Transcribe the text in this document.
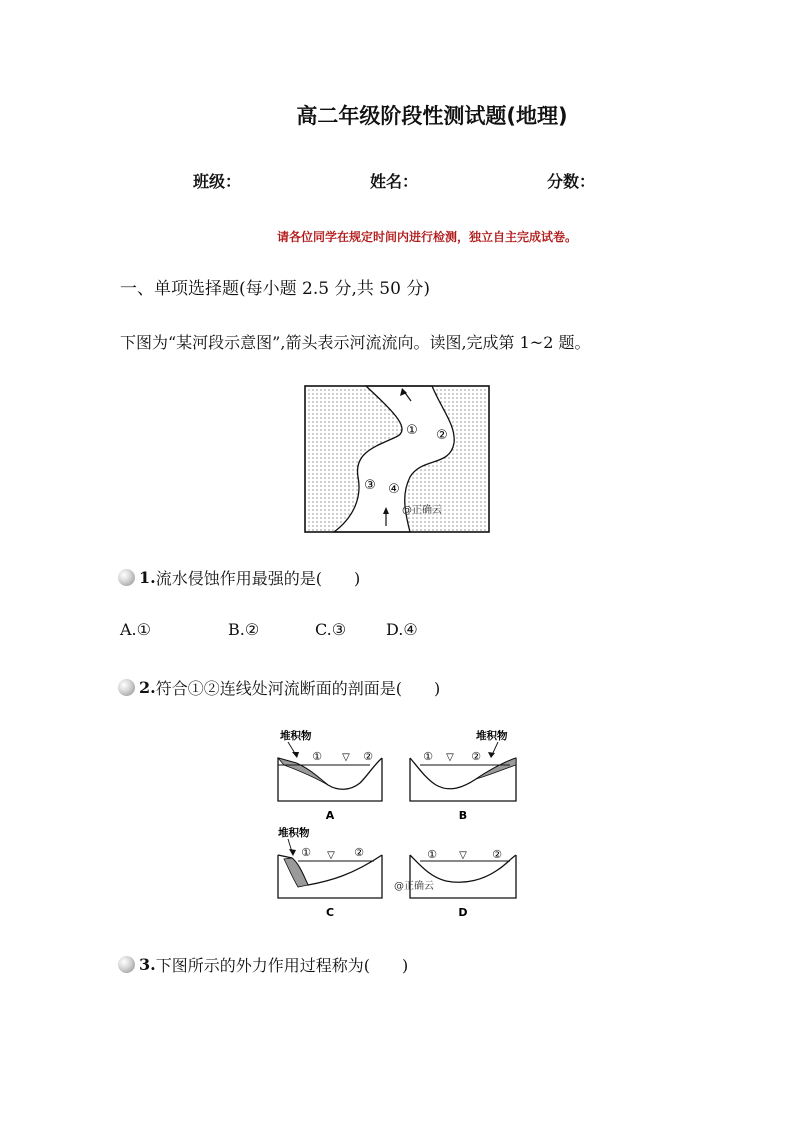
高二年级阶段性测试题(地理)
班级：	姓名：	分数：
请各位同学在规定时间内进行检测，独立自主完成试卷。
一、单项选择题(每小题 2.5 分,共 50 分)
下图为“某河段示意图”,箭头表示河流流向。读图,完成第 1~2 题。
① ②
③ ④
@正确云
1. 流水侵蚀作用最强的是(　　)
A.①	B.②	C.③ D.④
2. 符合①②连线处河流断面的剖面是(　　)
堆积物
① ▽ ②
A
堆积物
① ▽ ②
B
堆积物
① ▽ ②
C
① ▽ ②
D
@正确云
3. 下图所示的外力作用过程称为(　　)
